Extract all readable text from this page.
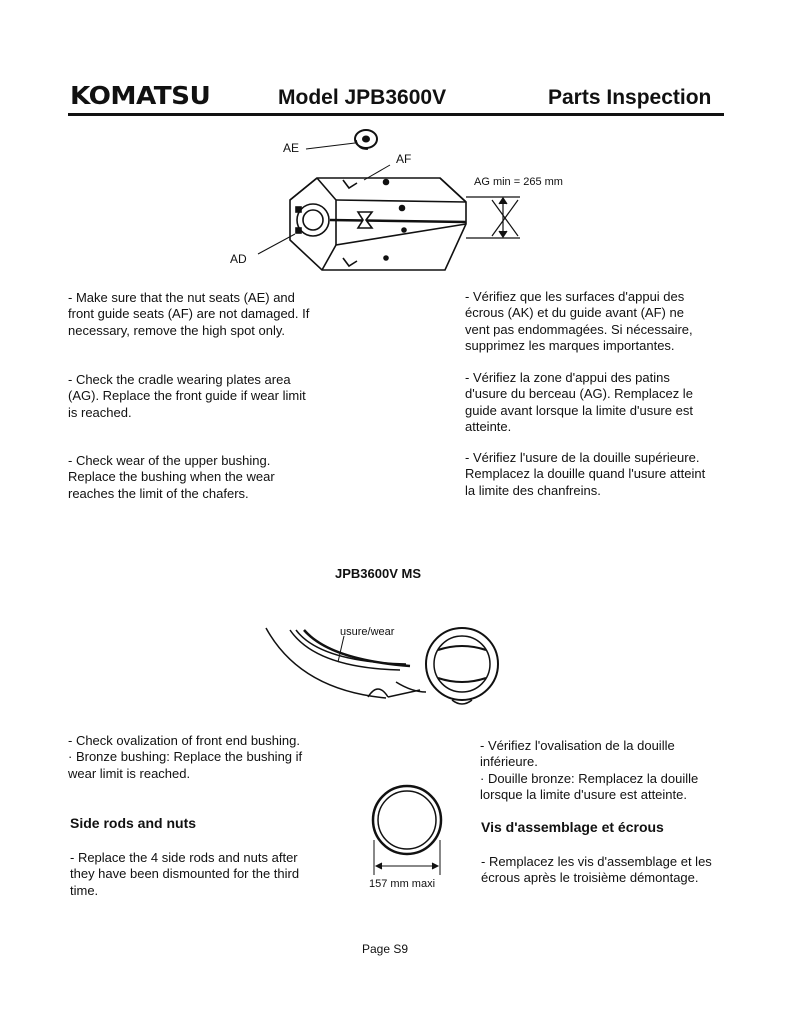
KOMATSU	Model JPB3600V	Parts Inspection
AE
AF
AD
AG min = 265 mm
- Make sure that the nut seats (AE) and
front guide seats (AF) are not damaged. If
necessary, remove the high spot only.
- Vérifiez que les surfaces d'appui des
écrous (AK) et du guide avant (AF) ne
vent pas endommagées. Si nécessaire,
supprimez les marques importantes.
- Check the cradle wearing plates area
(AG). Replace the front guide if wear limit
is reached.
- Vérifiez la zone d'appui des patins
d'usure du berceau (AG). Remplacez le
guide avant lorsque la limite d'usure est
atteinte.
- Check wear of the upper bushing.
Replace the bushing when the wear
reaches the limit of the chafers.
- Vérifiez l'usure de la douille supérieure.
Remplacez la douille quand l'usure atteint
la limite des chanfreins.
JPB3600V MS
usure/wear
- Check ovalization of front end bushing.
· Bronze bushing: Replace the bushing if
wear limit is reached.
- Vérifiez l'ovalisation de la douille
inférieure.
· Douille bronze: Remplacez la douille
lorsque la limite d'usure est atteinte.
157 mm maxi
Side rods and nuts	Vis d'assemblage et écrous
- Replace the 4 side rods and nuts after
they have been dismounted for the third
time.
- Remplacez les vis d'assemblage et les
écrous après le troisième démontage.
Page S9
